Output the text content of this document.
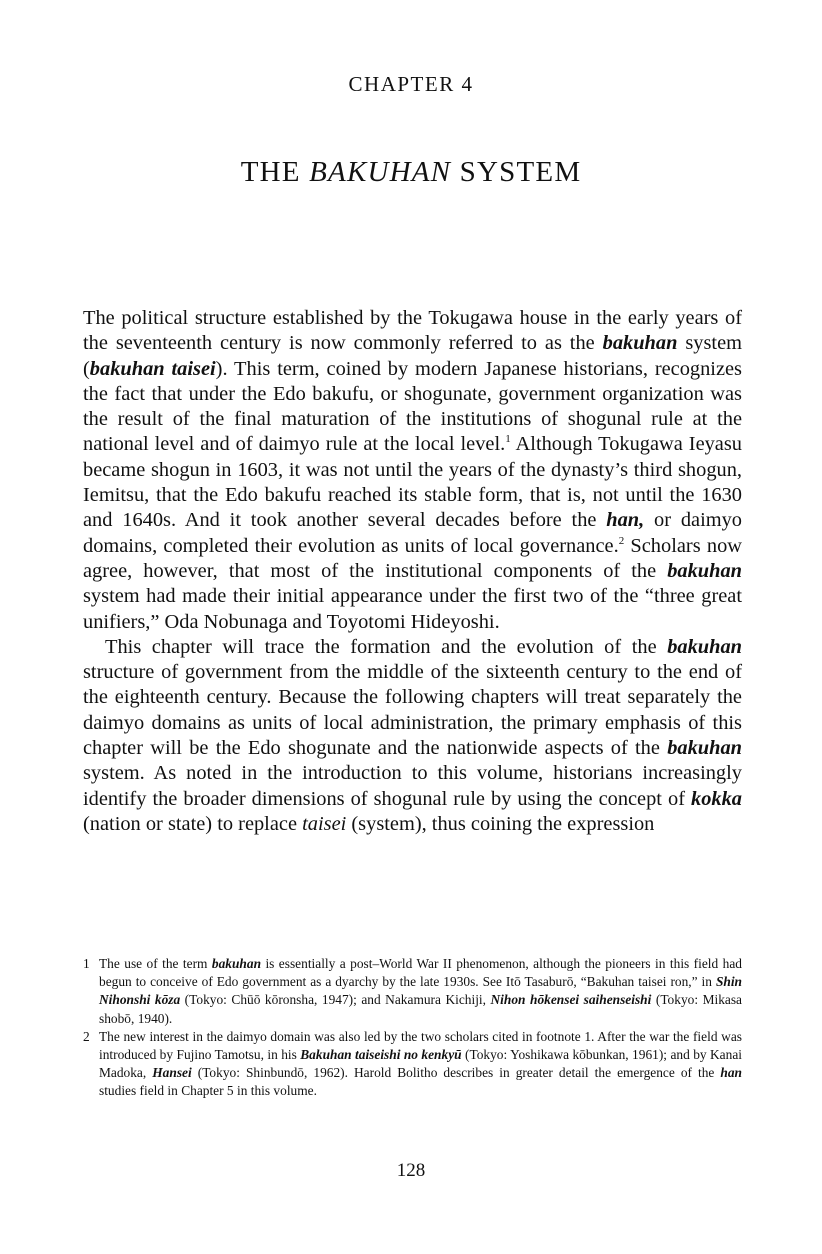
CHAPTER 4
THE BAKUHAN SYSTEM

The political structure established by the Tokugawa house in the early years of the seventeenth century is now commonly referred to as the bakuhan system (bakuhan taisei). This term, coined by modern Japanese historians, recognizes the fact that under the Edo bakufu, or shogunate, government organization was the result of the final maturation of the institutions of shogunal rule at the national level and of daimyo rule at the local level.$^1$ Although Tokugawa Ieyasu became shogun in 1603, it was not until the years of the dynasty’s third shogun, Iemitsu, that the Edo bakufu reached its stable form, that is, not until the 1630 and 1640s. And it took another several decades before the han, or daimyo domains, completed their evolution as units of local governance.$^2$ Scholars now agree, however, that most of the institutional components of the bakuhan system had made their initial appearance under the first two of the “three great unifiers,” Oda Nobunaga and Toyotomi Hideyoshi.

This chapter will trace the formation and the evolution of the bakuhan structure of government from the middle of the sixteenth century to the end of the eighteenth century. Because the following chapters will treat separately the daimyo domains as units of local administration, the primary emphasis of this chapter will be the Edo shogunate and the nationwide aspects of the bakuhan system. As noted in the introduction to this volume, historians increasingly identify the broader dimensions of shogunal rule by using the concept of kokka (nation or state) to replace taisei (system), thus coining the expression

1 The use of the term bakuhan is essentially a post–World War II phenomenon, although the pioneers in this field had begun to conceive of Edo government as a dyarchy by the late 1930s. See Itō Tasaburō, “Bakuhan taisei ron,” in Shin Nihonshi kōza (Tokyo: Chūō kōronsha, 1947); and Nakamura Kichiji, Nihon hōkensei saihenseishi (Tokyo: Mikasa shobō, 1940).

2 The new interest in the daimyo domain was also led by the two scholars cited in footnote 1. After the war the field was introduced by Fujino Tamotsu, in his Bakuhan taiseishi no kenkyū (Tokyo: Yoshikawa kōbunkan, 1961); and by Kanai Madoka, Hansei (Tokyo: Shinbundō, 1962). Harold Bolitho describes in greater detail the emergence of the han studies field in Chapter 5 in this volume.

128
